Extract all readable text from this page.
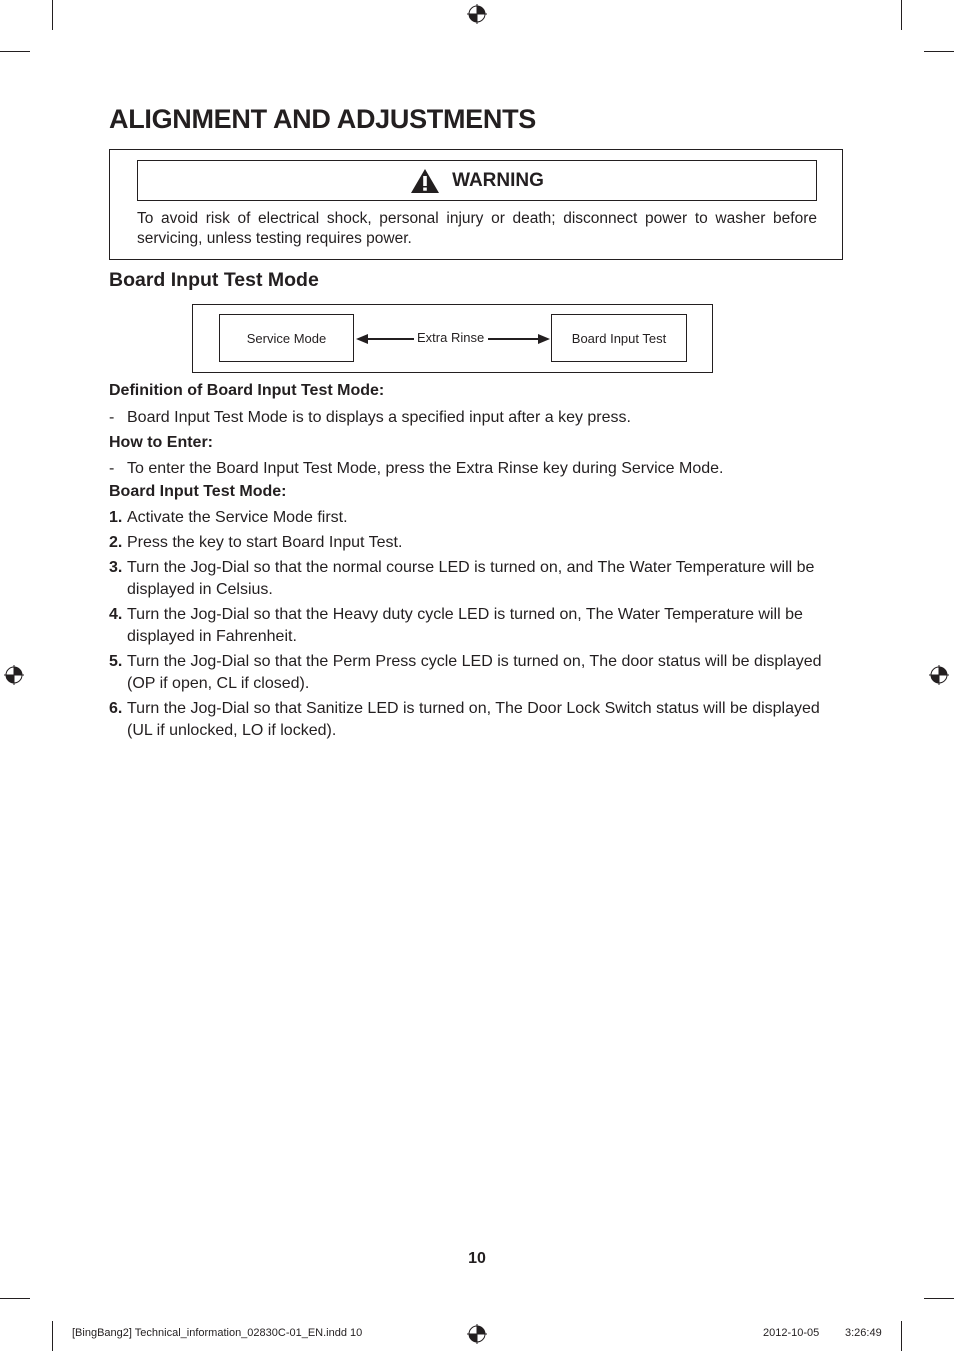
ALIGNMENT AND ADJUSTMENTS
WARNING
To avoid risk of electrical shock, personal injury or death; disconnect power to washer before servicing, unless testing requires power.
Board Input Test Mode
Service Mode	Extra Rinse	Board Input Test
Definition of Board Input Test Mode:
- Board Input Test Mode is to displays a specified input after a key press.
How to Enter:
- To enter the Board Input Test Mode, press the Extra Rinse key during Service Mode.
Board Input Test Mode:
1. Activate the Service Mode first.
2. Press the key to start Board Input Test.
3. Turn the Jog-Dial so that the normal course LED is turned on, and The Water Temperature will be displayed in Celsius.
4. Turn the Jog-Dial so that the Heavy duty cycle LED is turned on, The Water Temperature will be displayed in Fahrenheit.
5. Turn the Jog-Dial so that the Perm Press cycle LED is turned on, The door status will be displayed (OP if open, CL if closed).
6. Turn the Jog-Dial so that Sanitize LED is turned on, The Door Lock Switch status will be displayed (UL if unlocked, LO if locked).
10
[BingBang2] Technical_information_02830C-01_EN.indd 10	2012-10-05 3:26:49
